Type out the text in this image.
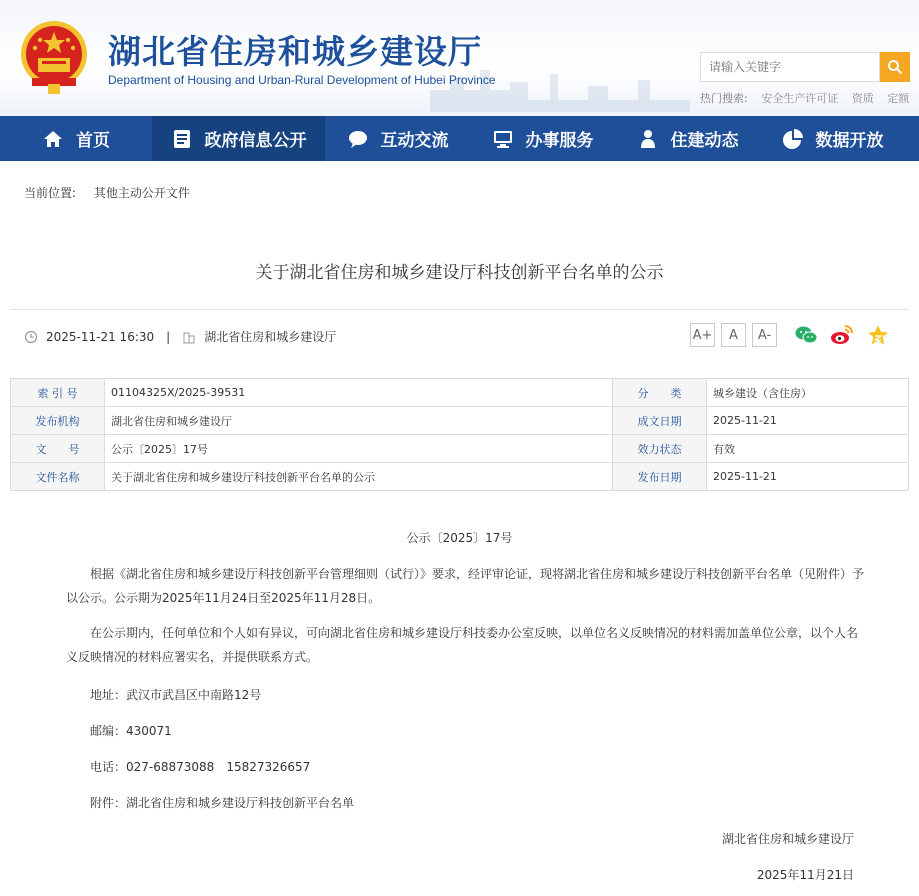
湖北省住房和城乡建设厅
Department of Housing and Urban-Rural Development of Hubei Province
请输入关键字
热门搜索: 安全生产许可证 资质 定额
首页	政府信息公开	互动交流	办事服务	住建动态	数据开放
当前位置: 其他主动公开文件
关于湖北省住房和城乡建设厅科技创新平台名单的公示
2025-11-21 16:30 |	湖北省住房和城乡建设厅	A+	A	A-
索 引 号	01104325X/2025-39531	分　　类	城乡建设（含住房）
发布机构	湖北省住房和城乡建设厅	成文日期	2025-11-21
文　　号	公示〔2025〕17号	效力状态	有效
文件名称	关于湖北省住房和城乡建设厅科技创新平台名单的公示	发布日期	2025-11-21
公示〔2025〕17号
根据《湖北省住房和城乡建设厅科技创新平台管理细则（试行）》要求，经评审论证，现将湖北省住房和城乡建设厅科技创新平台名单（见附件）予以公示。公示期为2025年11月24日至2025年11月28日。
在公示期内，任何单位和个人如有异议，可向湖北省住房和城乡建设厅科技委办公室反映，以单位名义反映情况的材料需加盖单位公章，以个人名义反映情况的材料应署实名，并提供联系方式。
地址：武汉市武昌区中南路12号
邮编：430071
电话：027-68873088　15827326657
附件：湖北省住房和城乡建设厅科技创新平台名单
湖北省住房和城乡建设厅
2025年11月21日
